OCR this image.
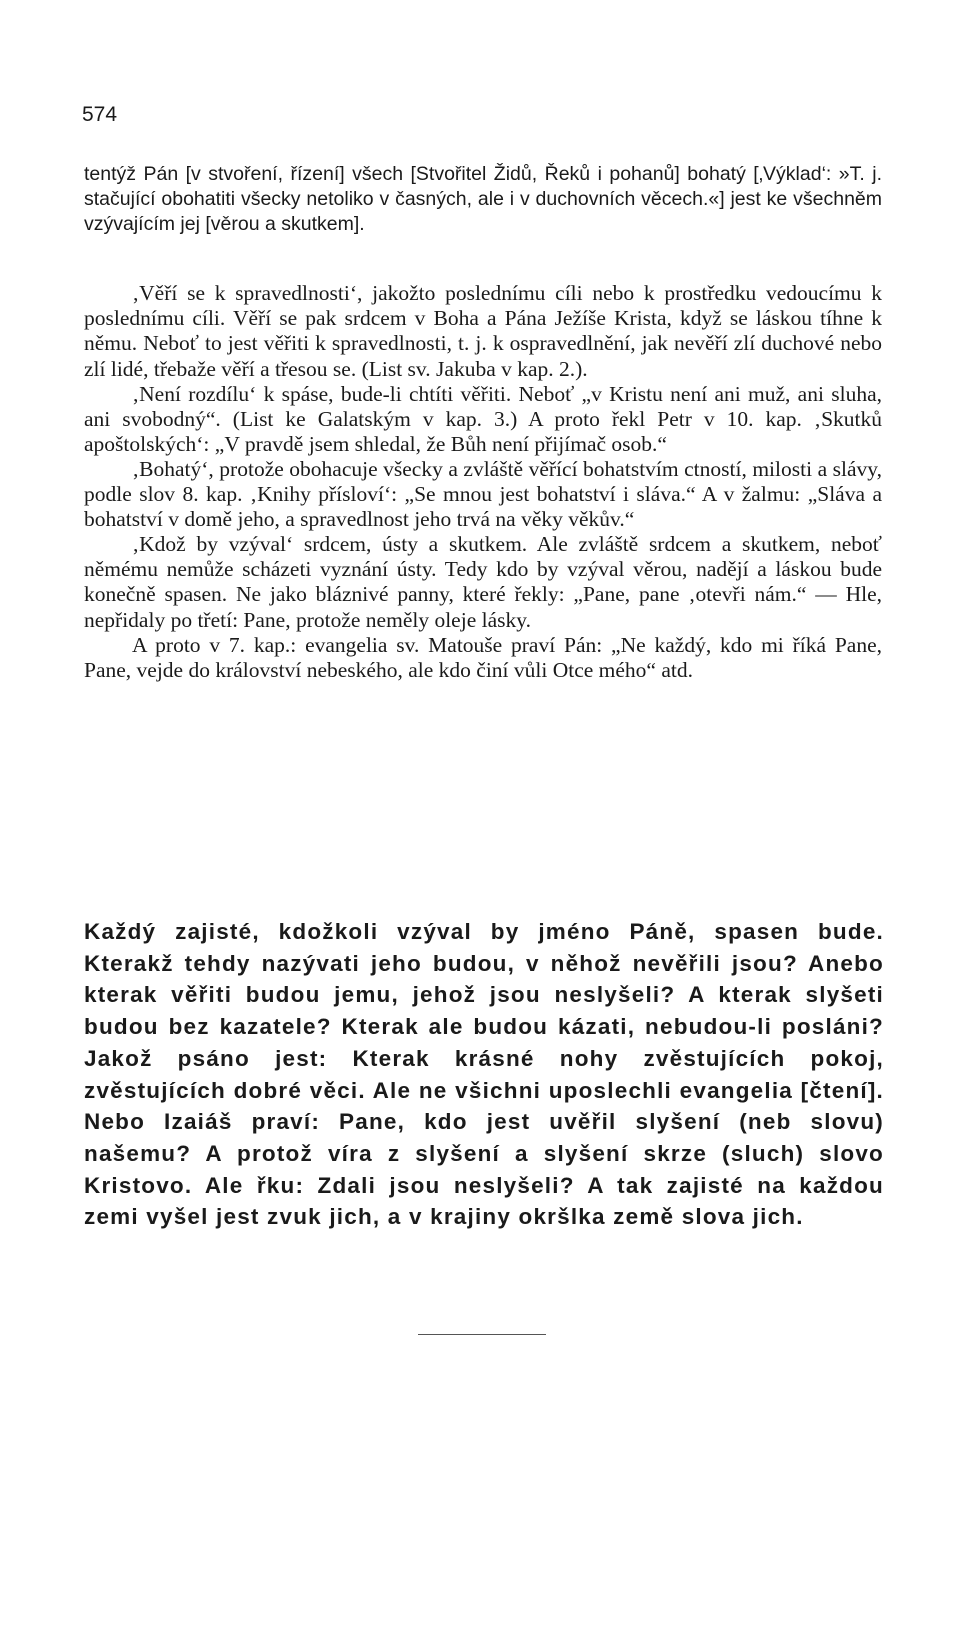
574

tentýž Pán [v stvoření, řízení] všech [Stvořitel Židů, Řeků i pohanů] bohatý [‚Výklad‘: »T. j. stačující obohatiti všecky netoliko v časných, ale i v duchovních věcech.«] jest ke všechněm vzývajícím jej [věrou a skutkem].

‚Věří se k spravedlnosti‘, jakožto poslednímu cíli nebo k prostředku vedoucímu k poslednímu cíli. Věří se pak srdcem v Boha a Pána Ježíše Krista, když se láskou tíhne k němu. Neboť to jest věřiti k spravedlnosti, t. j. k ospravedlnění, jak nevěří zlí duchové nebo zlí lidé, třebaže věří a třesou se. (List sv. Jakuba v kap. 2.).

‚Není rozdílu‘ k spáse, bude-li chtíti věřiti. Neboť „v Kristu není ani muž, ani sluha, ani svobodný“. (List ke Galatským v kap. 3.) A proto řekl Petr v 10. kap. ‚Skutků apoštolských‘: „V pravdě jsem shledal, že Bůh není přijímač osob.“

‚Bohatý‘, protože obohacuje všecky a zvláště věřící bohatstvím ctností, milosti a slávy, podle slov 8. kap. ‚Knihy přísloví‘: „Se mnou jest bohatství i sláva.“ A v žalmu: „Sláva a bohatství v domě jeho, a spravedlnost jeho trvá na věky věkův.“

‚Kdož by vzýval‘ srdcem, ústy a skutkem. Ale zvláště srdcem a skutkem, neboť němému nemůže scházeti vyznání ústy. Tedy kdo by vzýval věrou, nadějí a láskou bude konečně spasen. Ne jako bláznivé panny, které řekly: „Pane, pane ‚otevři nám.“ — Hle, nepřidaly po třetí: Pane, protože neměly oleje lásky.

A proto v 7. kap.: evangelia sv. Matouše praví Pán: „Ne každý, kdo mi říká Pane, Pane, vejde do království nebeského, ale kdo činí vůli Otce mého“ atd.

Každý zajisté, kdožkoli vzýval by jméno Páně, spasen bude. Kterakž tehdy nazývati jeho budou, v něhož nevěřili jsou? Anebo kterak věřiti budou jemu, jehož jsou neslyšeli? A kterak slyšeti budou bez kazatele? Kterak ale budou kázati, nebudou-li posláni? Jakož psáno jest: Kterak krásné nohy zvěstujících pokoj, zvěstujících dobré věci. Ale ne všichni uposlechli evangelia [čtení]. Nebo Izaiáš praví: Pane, kdo jest uvěřil slyšení (neb slovu) našemu? A protož víra z slyšení a slyšení skrze (sluch) slovo Kristovo. Ale řku: Zdali jsou neslyšeli? A tak zajisté na každou zemi vyšel jest zvuk jich, a v krajiny okršlka země slova jich.
